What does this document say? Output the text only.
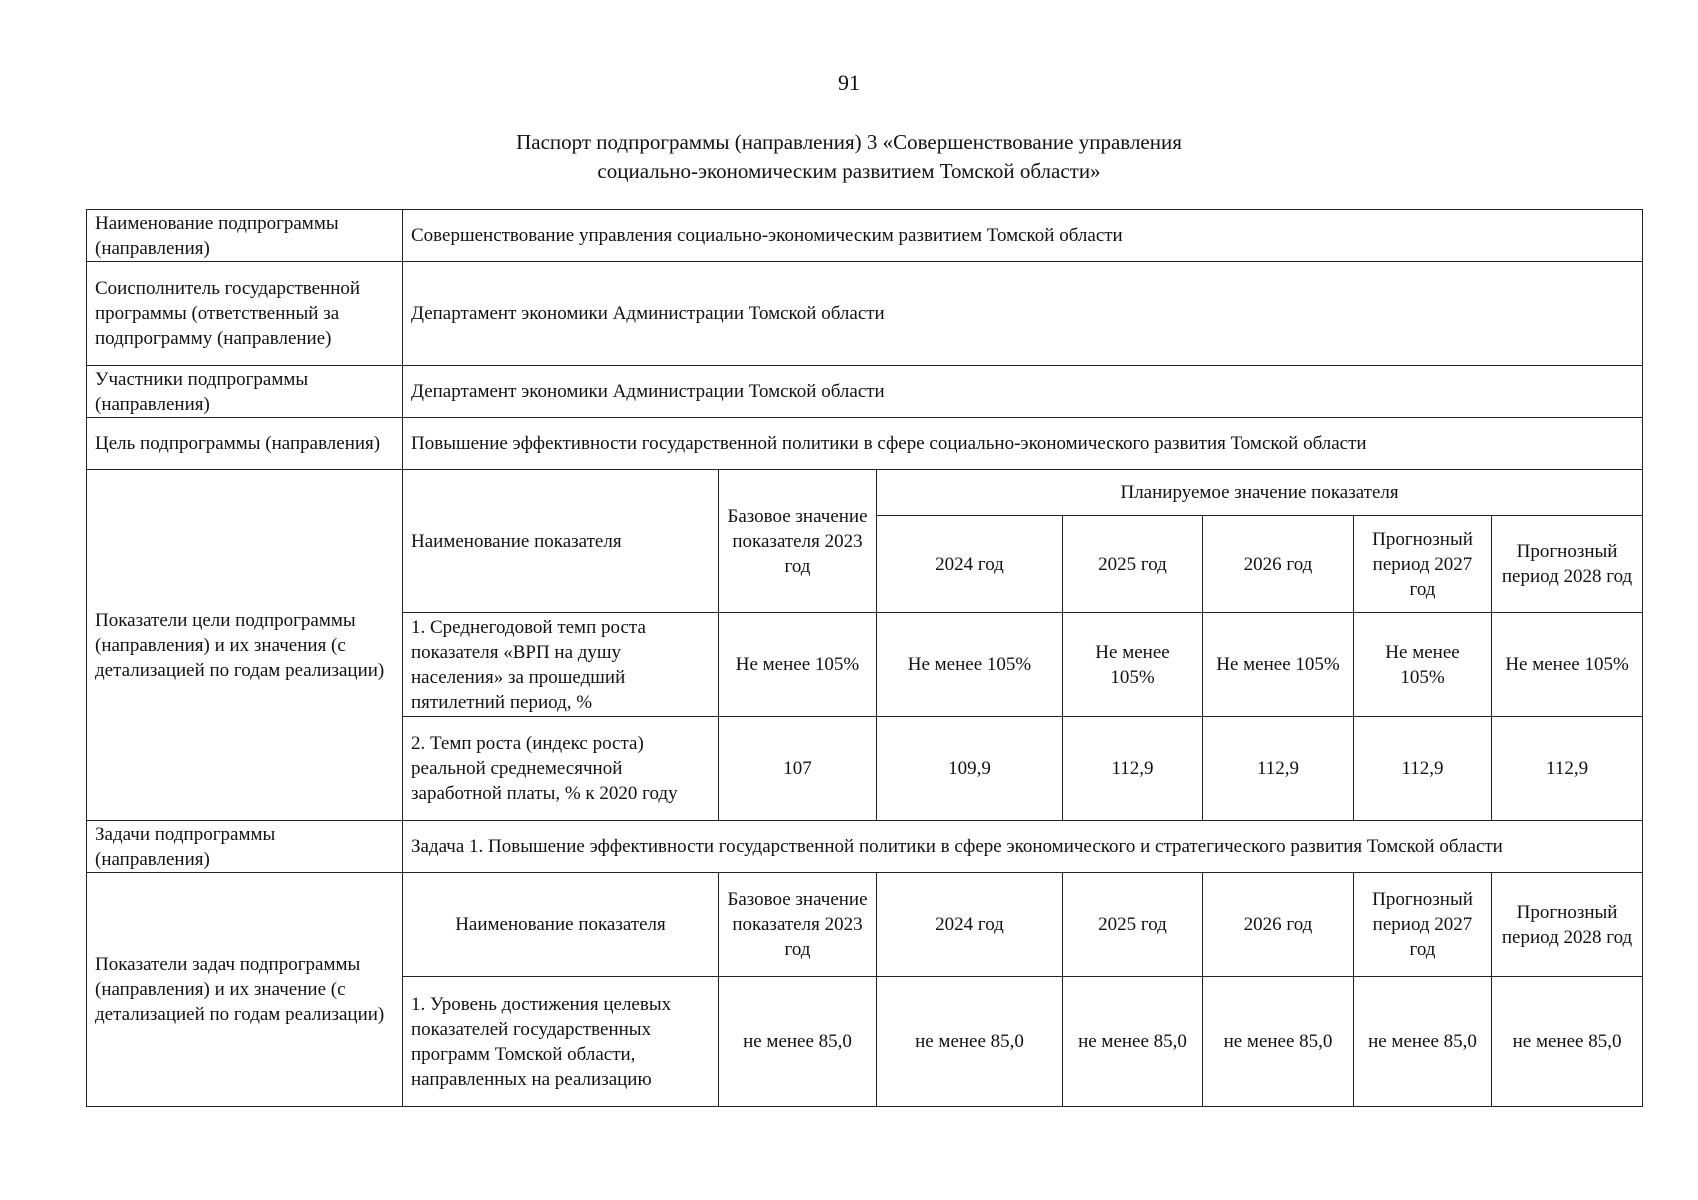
91
Паспорт подпрограммы (направления) 3 «Совершенствование управления
социально-экономическим развитием Томской области»
Наименование подпрограммы (направления)	Совершенствование управления социально-экономическим развитием Томской области						
Соисполнитель государственной программы (ответственный за подпрограмму (направление)	Департамент экономики Администрации Томской области						
Участники подпрограммы (направления)	Департамент экономики Администрации Томской области						
Цель подпрограммы (направления)	Повышение эффективности государственной политики в сфере социально-экономического развития Томской области						
Показатели цели подпрограммы (направления) и их значения (с детализацией по годам реализации)	Наименование показателя	Базовое значение показателя 2023 год	Планируемое значение показателя				
			2024 год	2025 год	2026 год	Прогнозный период 2027 год	Прогнозный период 2028 год
	1. Среднегодовой темп роста показателя «ВРП на душу населения» за прошедший пятилетний период, %	Не менее 105%	Не менее 105%	Не менее 105%	Не менее 105%	Не менее 105%	Не менее 105%
	2. Темп роста (индекс роста) реальной среднемесячной заработной платы, % к 2020 году	107	109,9	112,9	112,9	112,9	112,9

Задачи подпрограммы (направления)	Задача 1. Повышение эффективности государственной политики в сфере экономического и стратегического развития Томской области						
Показатели задач подпрограммы (направления) и их значение (с детализацией по годам реализации)	Наименование показателя	Базовое значение показателя 2023 год	2024 год	2025 год	2026 год	Прогнозный период 2027 год	Прогнозный период 2028 год
	1. Уровень достижения целевых показателей государственных программ Томской области, направленных на реализацию	не менее 85,0	не менее 85,0	не менее 85,0	не менее 85,0	не менее 85,0	не менее 85,0
